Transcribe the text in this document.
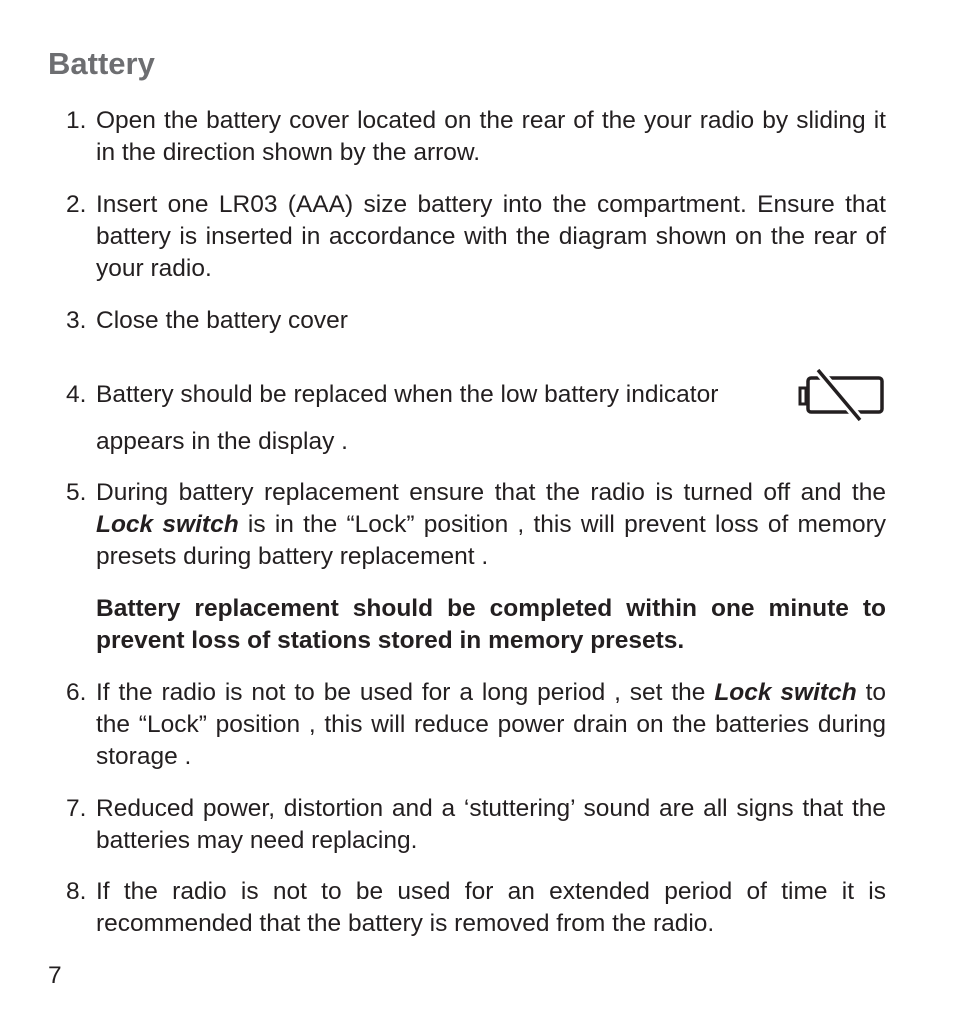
Battery
1. Open the battery cover located on the rear of the your radio by sliding it in the direction shown by the arrow.
2. Insert one LR03 (AAA) size battery into the compartment. Ensure that battery is inserted in accordance with the diagram shown on the rear of your radio.
3. Close the battery cover
4. Battery should be replaced when the low battery indicator
appears in the display .
5. During battery replacement ensure that the radio is turned off and the Lock switch is in the “Lock” position , this will prevent loss of memory presets during battery replacement .
Battery replacement should be completed within one minute to prevent loss of stations stored in memory presets.
6. If the radio is not to be used for a long period , set the Lock switch to the “Lock” position , this will reduce power drain on the batteries during storage .
7. Reduced power, distortion and a ‘stuttering’ sound are all signs that the batteries may need replacing.
8. If the radio is not to be used for an extended period of time it is recommended that the battery is removed from the radio.
7
